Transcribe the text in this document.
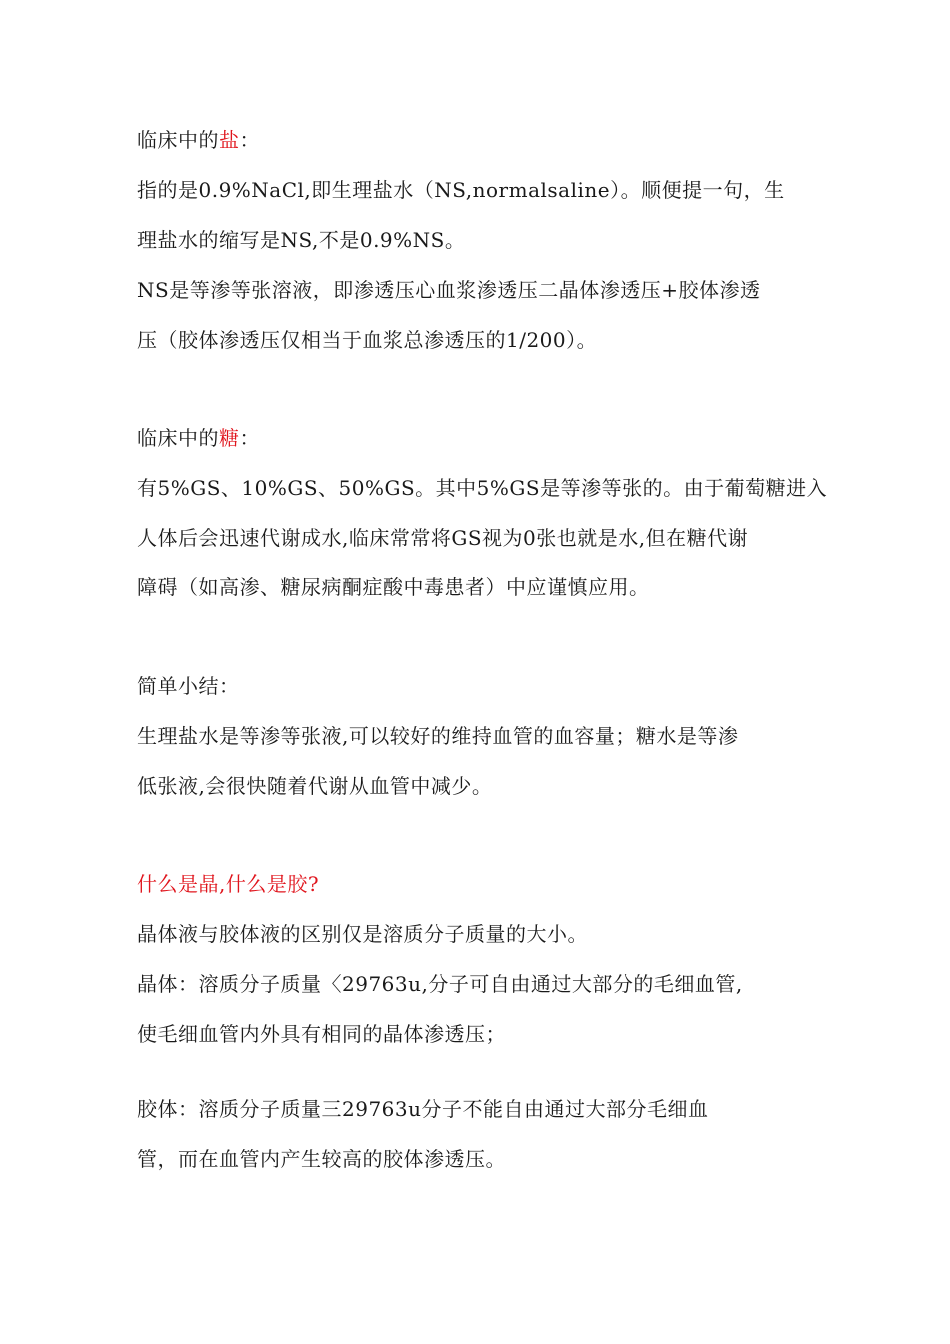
临床中的盐：
指的是0.9%NaCl,即生理盐水（NS,normalsaline）。顺便提一句，生
理盐水的缩写是NS,不是0.9%NS。
NS是等渗等张溶液，即渗透压心血浆渗透压二晶体渗透压+胶体渗透
压（胶体渗透压仅相当于血浆总渗透压的1/200）。
临床中的糖：
有5%GS、10%GS、50%GS。其中5%GS是等渗等张的。由于葡萄糖进入
人体后会迅速代谢成水,临床常常将GS视为0张也就是水,但在糖代谢
障碍（如高渗、糖尿病酮症酸中毒患者）中应谨慎应用。
简单小结：
生理盐水是等渗等张液,可以较好的维持血管的血容量；糖水是等渗
低张液,会很快随着代谢从血管中减少。
什么是晶,什么是胶?
晶体液与胶体液的区别仅是溶质分子质量的大小。
晶体：溶质分子质量〈29763u,分子可自由通过大部分的毛细血管,
使毛细血管内外具有相同的晶体渗透压；
胶体：溶质分子质量三29763u分子不能自由通过大部分毛细血
管，而在血管内产生较高的胶体渗透压。
